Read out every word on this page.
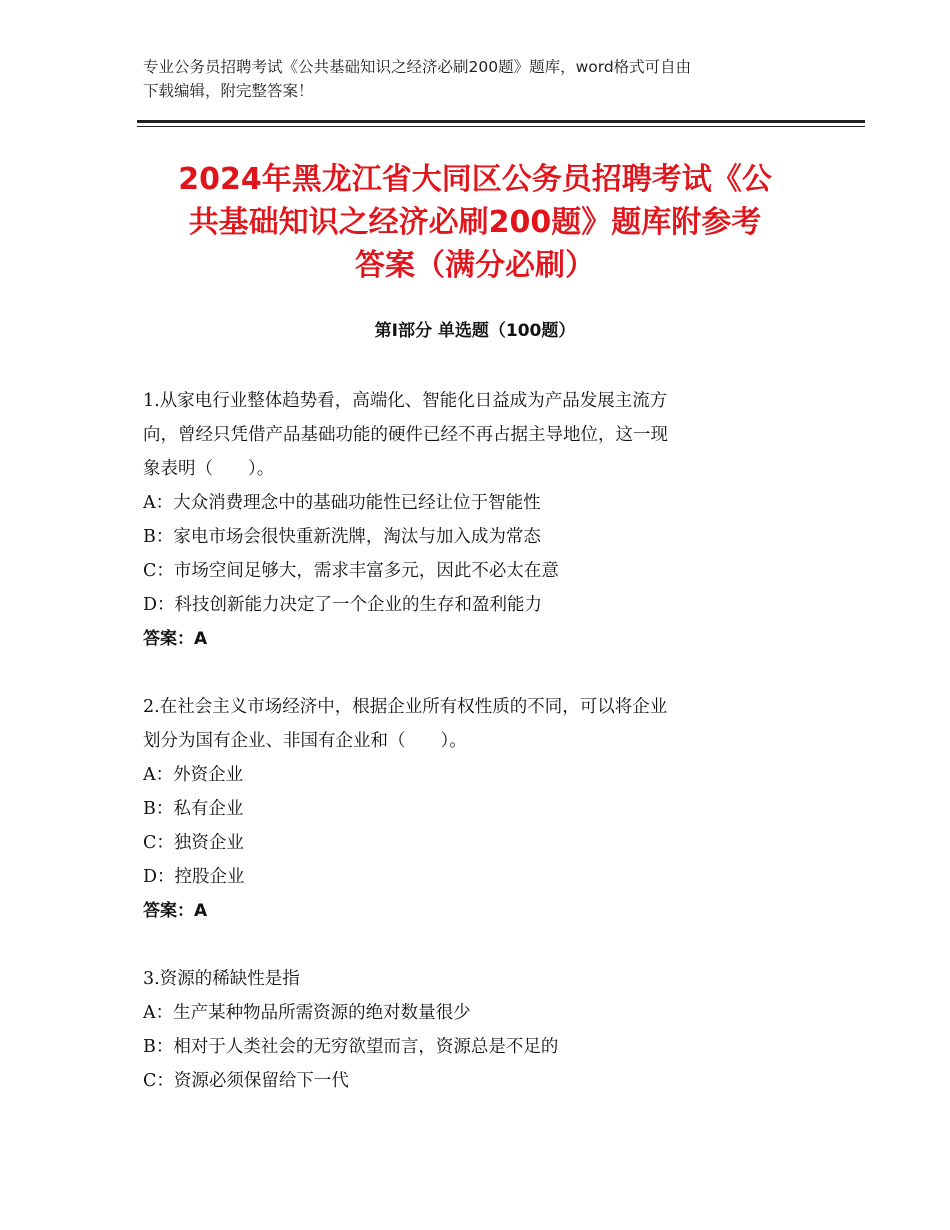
专业公务员招聘考试《公共基础知识之经济必刷200题》题库，word格式可自由
下载编辑，附完整答案！
2024年黑龙江省大同区公务员招聘考试《公
共基础知识之经济必刷200题》题库附参考
答案（满分必刷）
第Ⅰ部分 单选题（100题）
1.从家电行业整体趋势看，高端化、智能化日益成为产品发展主流方
向，曾经只凭借产品基础功能的硬件已经不再占据主导地位，这一现
象表明（　　）。
A：大众消费理念中的基础功能性已经让位于智能性
B：家电市场会很快重新洗牌，淘汰与加入成为常态
C：市场空间足够大，需求丰富多元，因此不必太在意
D：科技创新能力决定了一个企业的生存和盈利能力
答案：A
2.在社会主义市场经济中，根据企业所有权性质的不同，可以将企业
划分为国有企业、非国有企业和（　　）。
A：外资企业
B：私有企业
C：独资企业
D：控股企业
答案：A
3.资源的稀缺性是指
A：生产某种物品所需资源的绝对数量很少
B：相对于人类社会的无穷欲望而言，资源总是不足的
C：资源必须保留给下一代
